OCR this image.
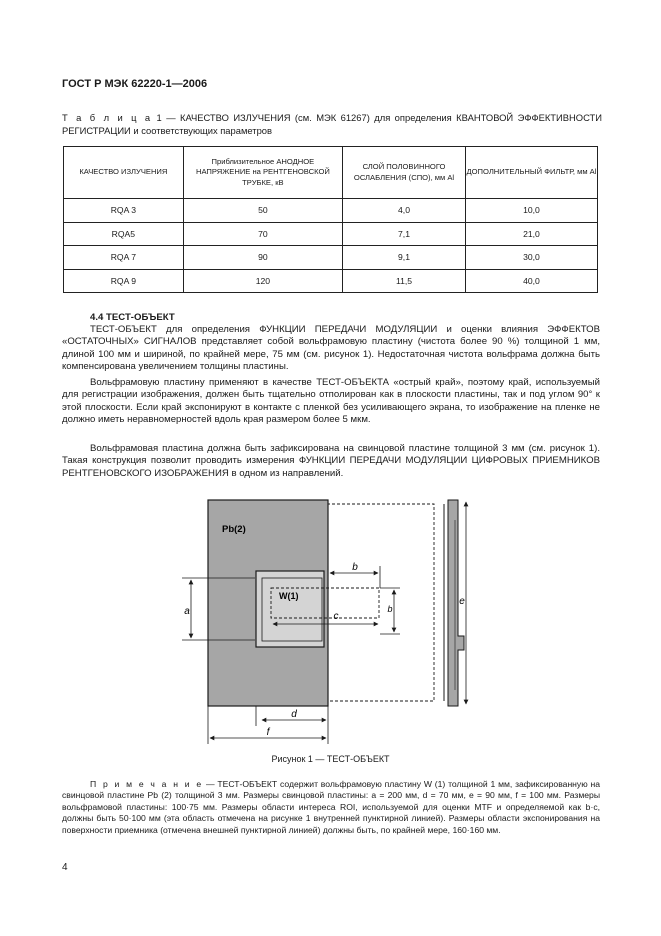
ГОСТ Р МЭК 62220-1—2006
Т а б л и ц а 1 — КАЧЕСТВО ИЗЛУЧЕНИЯ (см. МЭК 61267) для определения КВАНТОВОЙ ЭФФЕКТИВНОСТИ РЕГИСТРАЦИИ и соответствующих параметров
КАЧЕСТВО ИЗЛУЧЕНИЯ	Приблизительное АНОДНОЕ НАПРЯЖЕНИЕ на РЕНТГЕНОВСКОЙ ТРУБКЕ, кВ	СЛОЙ ПОЛОВИННОГО ОСЛАБЛЕНИЯ (СПО), мм Al	ДОПОЛНИТЕЛЬНЫЙ ФИЛЬТР, мм Al
RQA 3	50	4,0	10,0
RQA5	70	7,1	21,0
RQA 7	90	9,1	30,0
RQA 9	120	11,5	40,0
4.4 ТЕСТ-ОБЪЕКТ
ТЕСТ-ОБЪЕКТ для определения ФУНКЦИИ ПЕРЕДАЧИ МОДУЛЯЦИИ и оценки влияния ЭФФЕКТОВ «ОСТАТОЧНЫХ» СИГНАЛОВ представляет собой вольфрамовую пластину (чистота более 90 %) толщиной 1 мм, длиной 100 мм и шириной, по крайней мере, 75 мм (см. рисунок 1). Недостаточная чистота вольфрама должна быть компенсирована увеличением толщины пластины.
Вольфрамовую пластину применяют в качестве ТЕСТ-ОБЪЕКТА «острый край», поэтому край, используемый для регистрации изображения, должен быть тщательно отполирован как в плоскости пластины, так и под углом 90° к этой плоскости. Если край экспонируют в контакте с пленкой без усиливающего экрана, то изображение на пленке не должно иметь неравномерностей вдоль края размером более 5 мкм.
Вольфрамовая пластина должна быть зафиксирована на свинцовой пластине толщиной 3 мм (см. рисунок 1). Такая конструкция позволит проводить измерения ФУНКЦИИ ПЕРЕДАЧИ МОДУЛЯЦИИ ЦИФРОВЫХ ПРИЕМНИКОВ РЕНТГЕНОВСКОГО ИЗОБРАЖЕНИЯ в одном из направлений.
a
b
b
c
d
f
e
Pb(2)
W(1)
Рисунок 1 — ТЕСТ-ОБЪЕКТ
П р и м е ч а н и е — ТЕСТ-ОБЪЕКТ содержит вольфрамовую пластину W (1) толщиной 1 мм, зафиксированную на свинцовой пластине Pb (2) толщиной 3 мм. Размеры свинцовой пластины: a = 200 мм, d = 70 мм, e = 90 мм, f = 100 мм. Размеры вольфрамовой пластины: 100·75 мм. Размеры области интереса ROI, используемой для оценки MTF и определяемой как b·c, должны быть 50·100 мм (эта область отмечена на рисунке 1 внутренней пунктирной линией). Размеры области экспонирования на поверхности приемника (отмечена внешней пунктирной линией) должны быть, по крайней мере, 160·160 мм.
4
